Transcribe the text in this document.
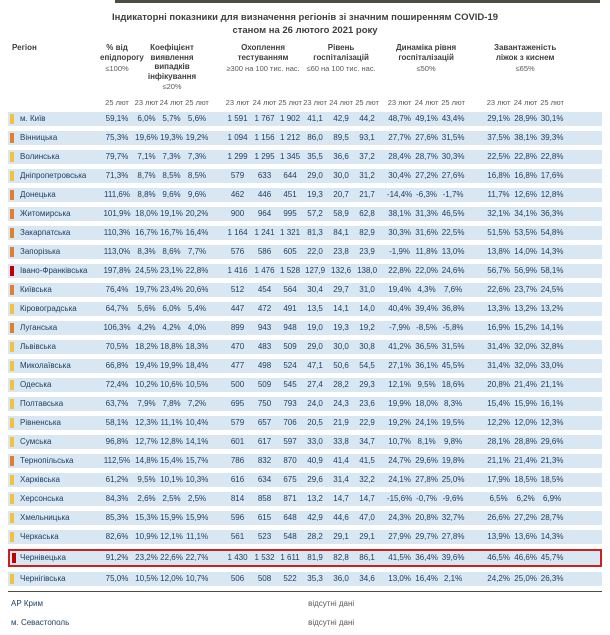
Індикаторні показники для визначення регіонів зі значним поширенням COVID-19
станом на 26 лютого 2021 року
Регіон	% від епідпорогу
≤100%

Коефіцієнт виявлення випадків інфікування
≤20%

Охоплення тестуванням
≥300 на 100 тис. нас.

Рівень госпіталізацій
≤60 на 100 тис. нас.

Динаміка рівня госпіталізацій
≤50%

Завантаженість ліжок з киснем
≤65%

		25 лют	23 лют	24 лют	25 лют		23 лют	24 лют	25 лют	23 лют	24 лют	25 лют		23 лют	24 лют	25 лют		23 лют	24 лют	25 лют	

	м. Київ	59,1%	6,0%	5,7%	5,6%		1 591	1 767	1 902	41,1	42,9	44,2		48,7%	49,1%	43,4%		29,1%	28,9%	30,1%	

	Вінницька	75,3%	19,6%	19,3%	19,2%		1 094	1 156	1 212	86,0	89,5	93,1		27,7%	27,6%	31,5%		37,5%	38,1%	39,3%	

	Волинська	79,7%	7,1%	7,3%	7,3%		1 299	1 295	1 345	35,5	36,6	37,2		28,4%	28,7%	30,3%		22,5%	22,8%	22,8%	

	Дніпропетровська	71,3%	8,7%	8,5%	8,5%		579	633	644	29,0	30,0	31,2		30,4%	27,2%	27,6%		16,8%	16,8%	17,6%	

	Донецька	111,6%	8,8%	9,6%	9,6%		462	446	451	19,3	20,7	21,7		-14,4%	-6,3%	-1,7%		11,7%	12,6%	12,8%	

	Житомирська	101,9%	18,0%	19,1%	20,2%		900	964	995	57,2	58,9	62,8		38,1%	31,3%	46,5%		32,1%	34,1%	36,3%	

	Закарпатська	110,3%	16,7%	16,7%	16,4%		1 164	1 241	1 321	81,3	84,1	82,9		30,3%	31,6%	22,5%		51,5%	53,5%	54,8%	

	Запорізька	113,0%	8,3%	8,6%	7,7%		576	586	605	22,0	23,8	23,9		-1,9%	11,8%	13,0%		13,8%	14,0%	14,3%	

	Івано-Франківська	197,8%	24,5%	23,1%	22,8%		1 416	1 476	1 528	127,9	132,6	138,0		22,8%	22,0%	24,6%		56,7%	56,9%	58,1%	

	Київська	76,4%	19,7%	23,4%	20,6%		512	454	564	30,4	29,7	31,0		19,4%	4,3%	7,6%		22,6%	23,7%	24,5%	

	Кіровоградська	64,7%	5,6%	6,0%	5,4%		447	472	491	13,5	14,1	14,0		40,4%	39,4%	36,8%		13,3%	13,2%	13,2%	

	Луганська	106,3%	4,2%	4,2%	4,0%		899	943	948	19,0	19,3	19,2		-7,9%	-8,5%	-5,8%		16,9%	15,2%	14,1%	

	Львівська	70,5%	18,2%	18,8%	18,3%		470	483	509	29,0	30,0	30,8		41,2%	36,5%	31,5%		31,4%	32,0%	32,8%	

	Миколаївська	66,8%	19,4%	19,9%	18,4%		477	498	524	47,1	50,6	54,5		27,1%	36,1%	45,5%		31,4%	32,0%	33,0%	

	Одеська	72,4%	10,2%	10,6%	10,5%		500	509	545	27,4	28,2	29,3		12,1%	9,5%	18,6%		20,8%	21,4%	21,1%	

	Полтавська	63,7%	7,9%	7,8%	7,2%		695	750	793	24,0	24,3	23,6		19,9%	18,0%	8,3%		15,4%	15,9%	16,1%	

	Рівненська	58,1%	12,3%	11,1%	10,4%		579	657	706	20,5	21,9	22,9		19,2%	24,1%	19,5%		12,2%	12,0%	12,3%	

	Сумська	96,8%	12,7%	12,8%	14,1%		601	617	597	33,0	33,8	34,7		10,7%	8,1%	9,8%		28,1%	28,8%	29,6%	

	Тернопільська	112,5%	14,8%	15,4%	15,7%		786	832	870	40,9	41,4	41,5		24,7%	29,6%	19,8%		21,1%	21,4%	21,3%	

	Харківська	61,2%	9,5%	10,1%	10,3%		616	634	675	29,6	31,4	32,2		24,1%	27,8%	25,0%		17,9%	18,5%	18,5%	

	Херсонська	84,3%	2,6%	2,5%	2,5%		814	858	871	13,2	14,7	14,7		-15,6%	-0,7%	-9,6%		6,5%	6,2%	6,9%	

	Хмельницька	85,3%	15,3%	15,9%	15,9%		596	615	648	42,9	44,6	47,0		24,3%	20,8%	32,7%		26,6%	27,2%	28,7%	

	Черкаська	82,6%	10,9%	12,1%	11,1%		561	523	548	28,2	29,1	29,1		27,9%	29,7%	27,8%		13,9%	13,6%	14,3%	

	Чернівецька	91,2%	23,2%	22,6%	22,7%		1 430	1 532	1 611	81,9	82,8	86,1		41,5%	36,4%	39,6%		46,5%	46,6%	45,7%	

	Чернігівська	75,0%	10,5%	12,0%	10,7%		506	508	522	35,3	36,0	34,6		13,0%	16,4%	2,1%		24,2%	25,0%	26,3%	

АР Крим										відсутні дані											
м. Севастополь										відсутні дані											
